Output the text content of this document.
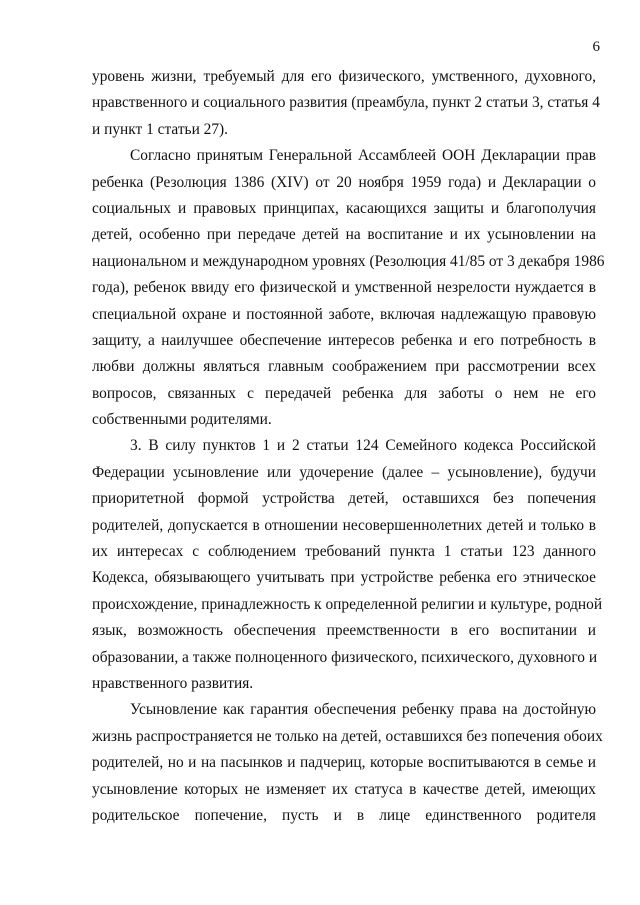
6
уровень жизни, требуемый для его физического, умственного, духовного,
нравственного и социального развития (преамбула, пункт 2 статьи 3, статья 4
и пункт 1 статьи 27).
Согласно принятым Генеральной Ассамблеей ООН Декларации прав
ребенка (Резолюция 1386 (XIV) от 20 ноября 1959 года) и Декларации о
социальных и правовых принципах, касающихся защиты и благополучия
детей, особенно при передаче детей на воспитание и их усыновлении на
национальном и международном уровнях (Резолюция 41/85 от 3 декабря 1986
года), ребенок ввиду его физической и умственной незрелости нуждается в
специальной охране и постоянной заботе, включая надлежащую правовую
защиту, а наилучшее обеспечение интересов ребенка и его потребность в
любви должны являться главным соображением при рассмотрении всех
вопросов, связанных с передачей ребенка для заботы о нем не его
собственными родителями.
3. В силу пунктов 1 и 2 статьи 124 Семейного кодекса Российской
Федерации усыновление или удочерение (далее – усыновление), будучи
приоритетной формой устройства детей, оставшихся без попечения
родителей, допускается в отношении несовершеннолетних детей и только в
их интересах с соблюдением требований пункта 1 статьи 123 данного
Кодекса, обязывающего учитывать при устройстве ребенка его этническое
происхождение, принадлежность к определенной религии и культуре, родной
язык, возможность обеспечения преемственности в его воспитании и
образовании, а также полноценного физического, психического, духовного и
нравственного развития.
Усыновление как гарантия обеспечения ребенку права на достойную
жизнь распространяется не только на детей, оставшихся без попечения обоих
родителей, но и на пасынков и падчериц, которые воспитываются в семье и
усыновление которых не изменяет их статуса в качестве детей, имеющих
родительское попечение, пусть и в лице единственного родителя
